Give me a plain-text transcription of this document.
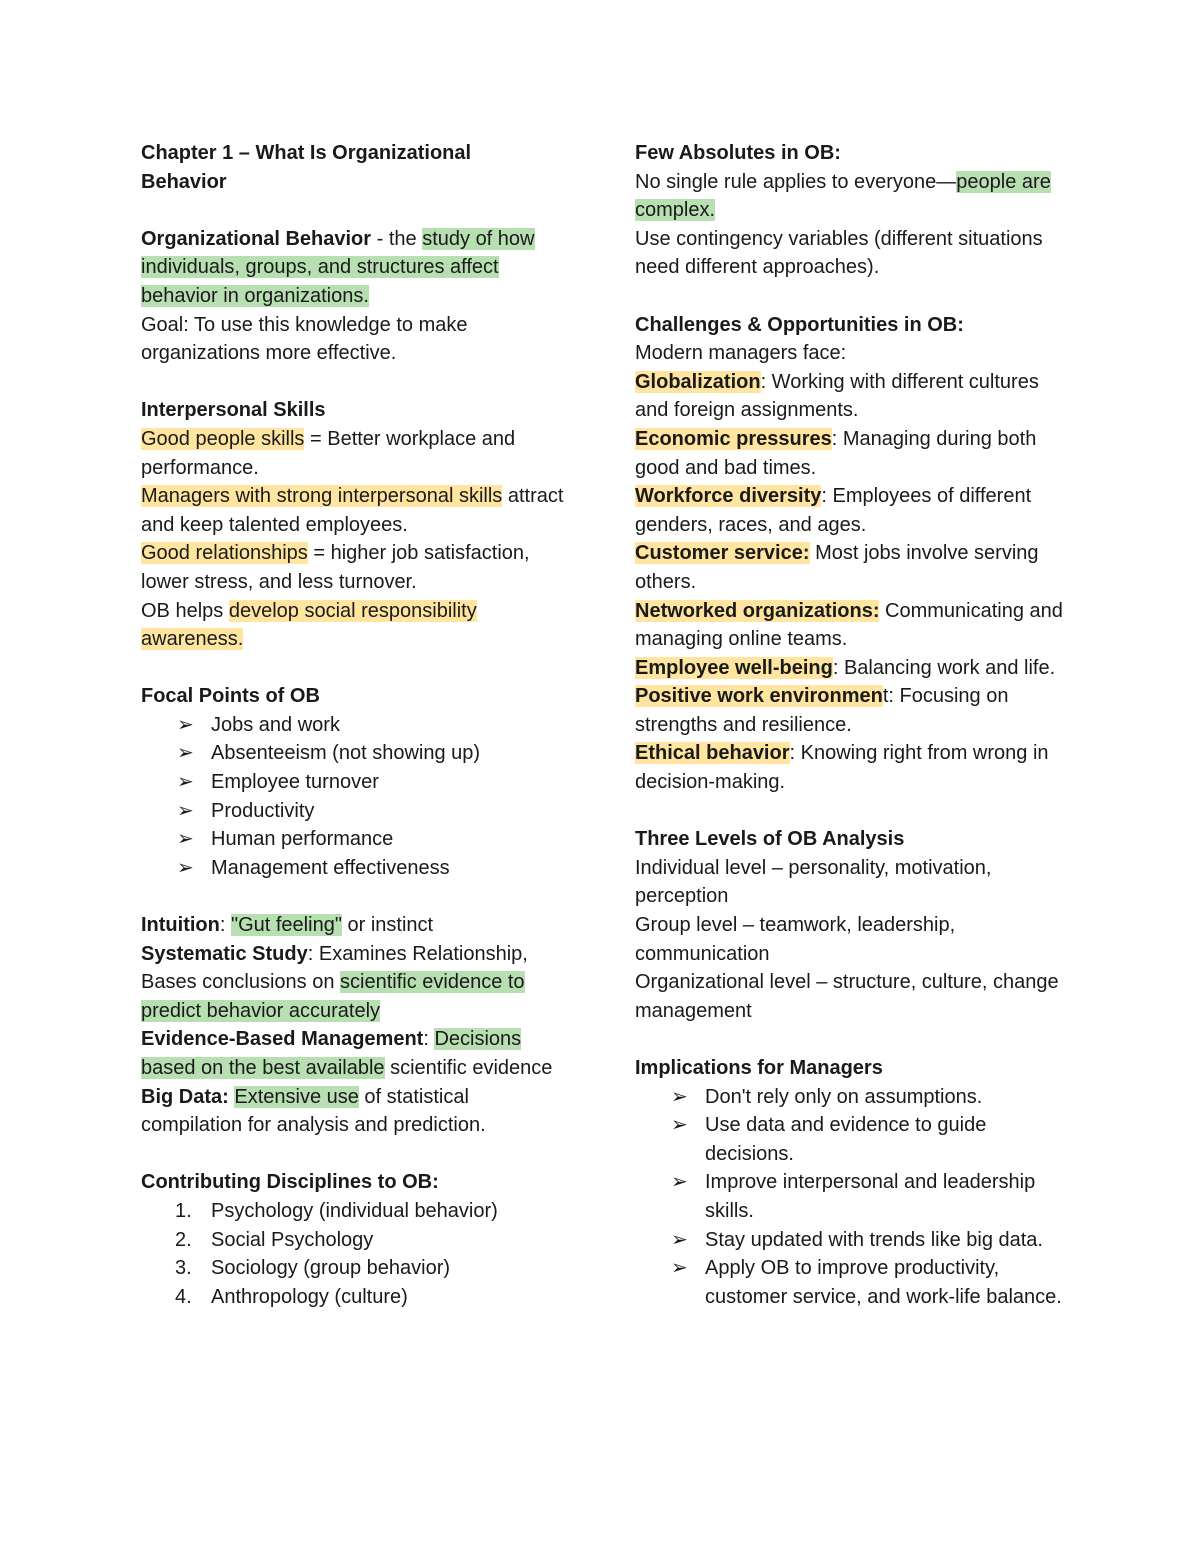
Chapter 1 – What Is Organizational
Behavior

Organizational Behavior - the study of how individuals, groups, and structures affect behavior in organizations.

Goal: To use this knowledge to make organizations more effective.

Interpersonal Skills

Good people skills = Better workplace and performance.

Managers with strong interpersonal skills attract and keep talented employees.

Good relationships = higher job satisfaction, lower stress, and less turnover.

OB helps develop social responsibility awareness.

Focal Points of OB
➢ Jobs and work
➢ Absenteeism (not showing up)
➢ Employee turnover
➢ Productivity
➢ Human performance
➢ Management effectiveness

Intuition: "Gut feeling" or instinct

Systematic Study: Examines Relationship, Bases conclusions on scientific evidence to predict behavior accurately

Evidence-Based Management: Decisions based on the best available scientific evidence

Big Data: Extensive use of statistical compilation for analysis and prediction.

Contributing Disciplines to OB:
1. Psychology (individual behavior)
2. Social Psychology
3. Sociology (group behavior)
4. Anthropology (culture)
Few Absolutes in OB:

No single rule applies to everyone—people are complex.

Use contingency variables (different situations need different approaches).

Challenges & Opportunities in OB:

Modern managers face:

Globalization: Working with different cultures and foreign assignments.

Economic pressures: Managing during both good and bad times.

Workforce diversity: Employees of different genders, races, and ages.

Customer service: Most jobs involve serving others.

Networked organizations: Communicating and managing online teams.

Employee well-being: Balancing work and life.

Positive work environment: Focusing on strengths and resilience.

Ethical behavior: Knowing right from wrong in decision-making.

Three Levels of OB Analysis

Individual level – personality, motivation, perception

Group level – teamwork, leadership, communication

Organizational level – structure, culture, change management

Implications for Managers
➢ Don't rely only on assumptions.
➢ Use data and evidence to guide decisions.
➢ Improve interpersonal and leadership skills.
➢ Stay updated with trends like big data.
➢ Apply OB to improve productivity, customer service, and work-life balance.
